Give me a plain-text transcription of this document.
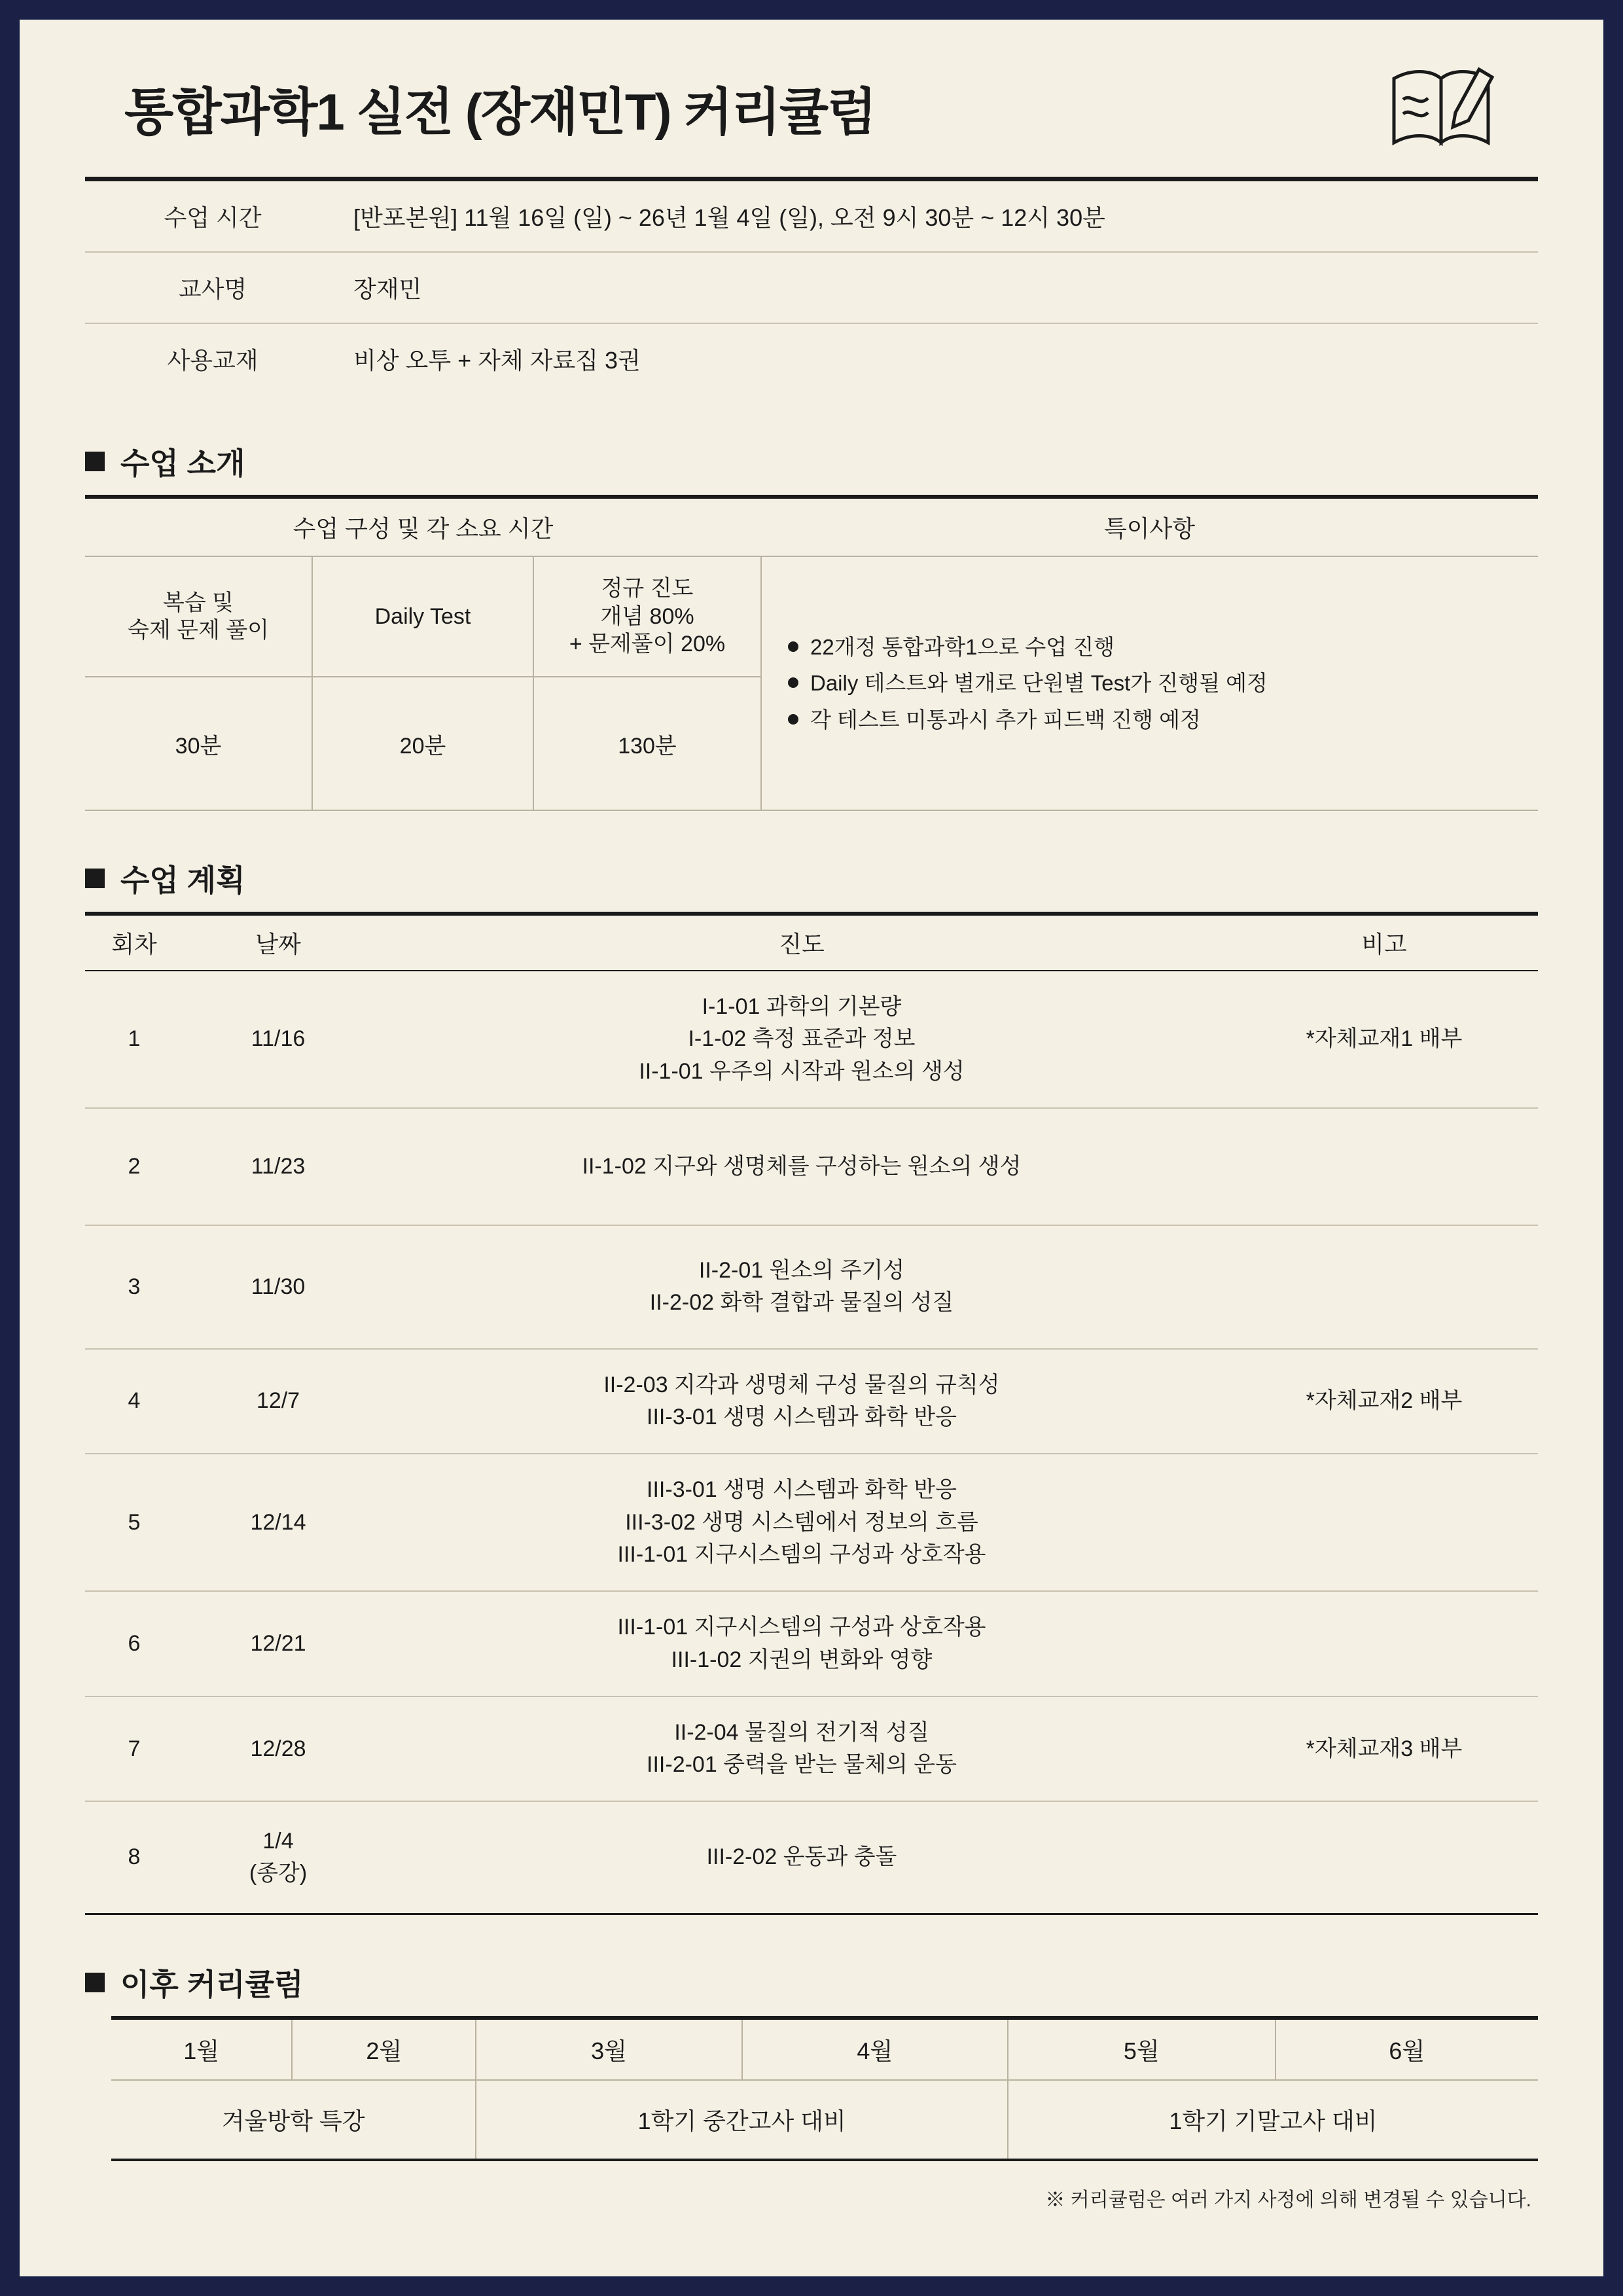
통합과학1 실전 (장재민T) 커리큘럼
수업 시간	[반포본원] 11월 16일 (일) ~ 26년 1월 4일 (일), 오전 9시 30분 ~ 12시 30분
교사명	장재민
사용교재	비상 오투 + 자체 자료집 3권
수업 소개
수업 구성 및 각 소요 시간			특이사항

복습 및
숙제 문제 풀이
	Daily Test	
정규 진도
개념 80%
+ 문제풀이 20%	22개정 통합과학1으로 수업 진행
Daily 테스트와 별개로 단원별 Test가 진행될 예정
각 테스트 미통과시 추가 피드백 진행 예정

30분	20분	130분	
수업 계획
회차	날짜	진도	비고
1	11/16	I-1-01 과학의 기본량
I-1-02 측정 표준과 정보
II-1-01 우주의 시작과 원소의 생성	*자체교재1 배부
2	11/23	II-1-02 지구와 생명체를 구성하는 원소의 생성	

3	11/30	II-2-01 원소의 주기성
II-2-02 화학 결합과 물질의 성질	

4	12/7	II-2-03 지각과 생명체 구성 물질의 규칙성
III-3-01 생명 시스템과 화학 반응	*자체교재2 배부
5	12/14	III-3-01 생명 시스템과 화학 반응
III-3-02 생명 시스템에서 정보의 흐름
III-1-01 지구시스템의 구성과 상호작용	

6	12/21	III-1-01 지구시스템의 구성과 상호작용
III-1-02 지권의 변화와 영향	

7	12/28	II-2-04 물질의 전기적 성질
III-2-01 중력을 받는 물체의 운동	*자체교재3 배부
8	1/4
(종강)	III-2-02 운동과 충돌	

이후 커리큘럼
1월	2월	3월	4월	5월	6월
겨울방학 특강		1학기 중간고사 대비		1학기 기말고사 대비	
※ 커리큘럼은 여러 가지 사정에 의해 변경될 수 있습니다.
